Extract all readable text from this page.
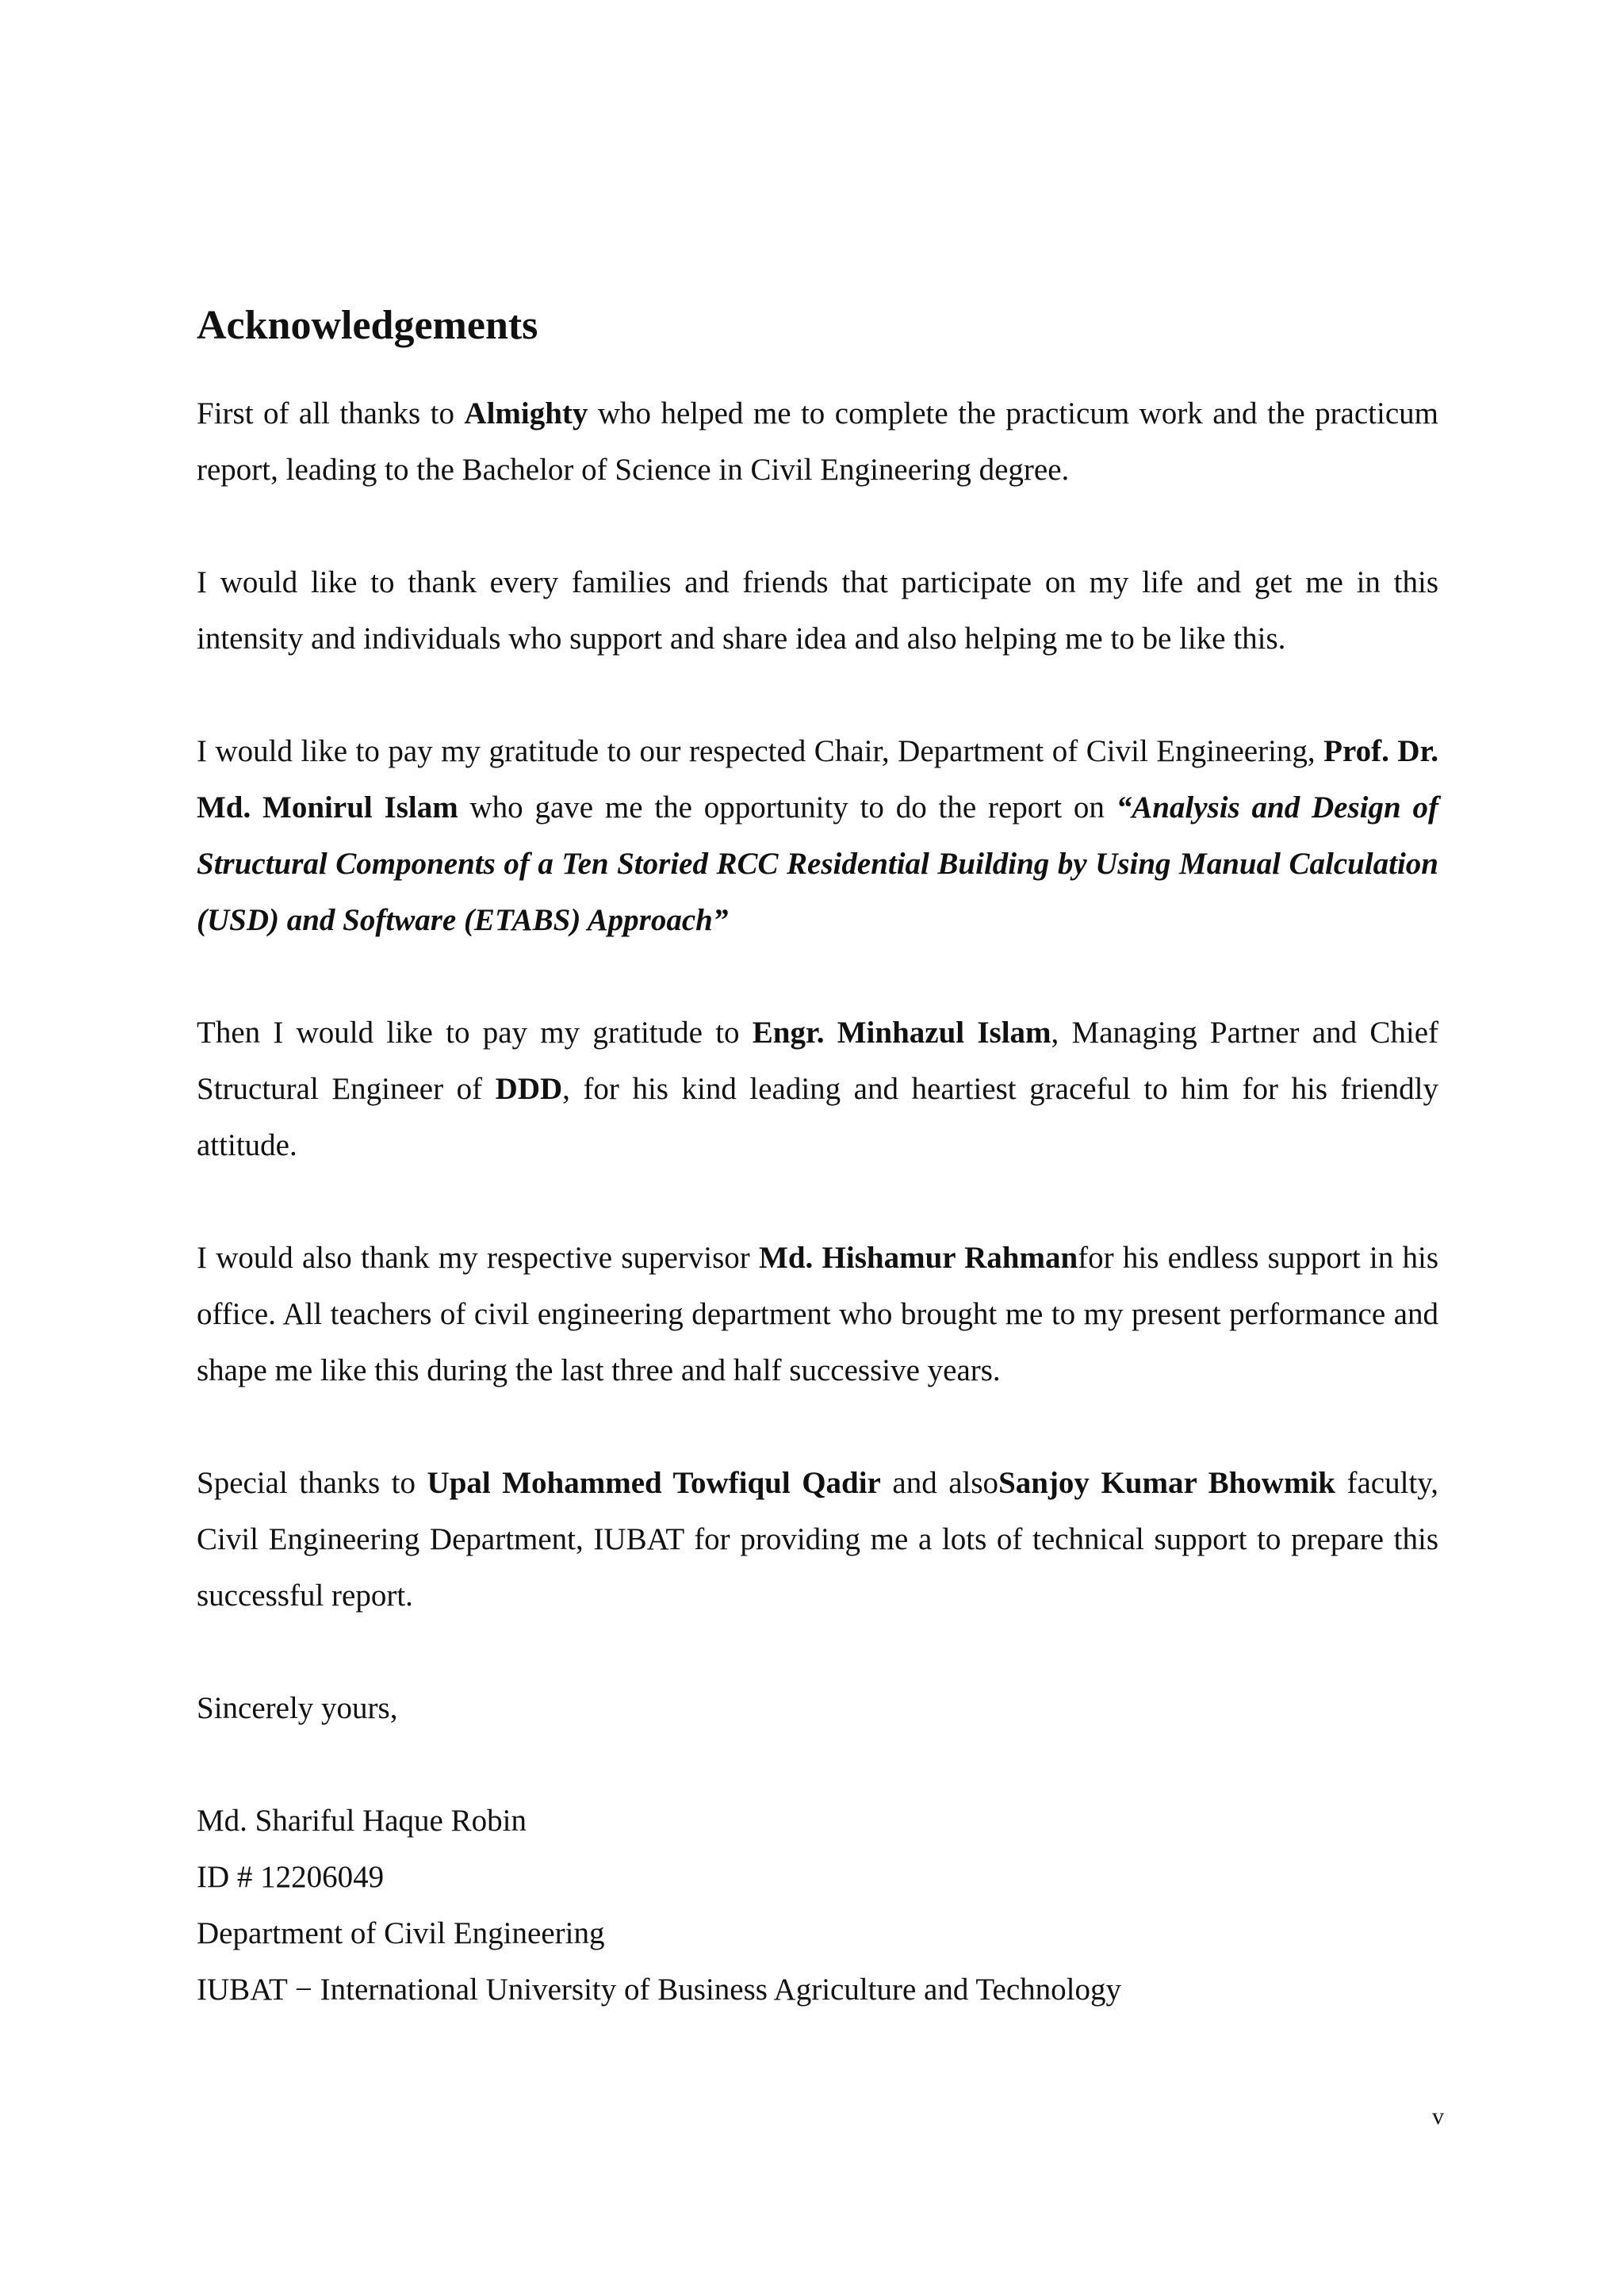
Acknowledgements

First of all thanks to Almighty who helped me to complete the practicum work and the practicum report, leading to the Bachelor of Science in Civil Engineering degree.

I would like to thank every families and friends that participate on my life and get me in this intensity and individuals who support and share idea and also helping me to be like this.

I would like to pay my gratitude to our respected Chair, Department of Civil Engineering, Prof. Dr. Md. Monirul Islam who gave me the opportunity to do the report on “Analysis and Design of Structural Components of a Ten Storied RCC Residential Building by Using Manual Calculation (USD) and Software (ETABS) Approach”

Then I would like to pay my gratitude to Engr. Minhazul Islam, Managing Partner and Chief Structural Engineer of DDD, for his kind leading and heartiest graceful to him for his friendly attitude.

I would also thank my respective supervisor Md. Hishamur Rahmanfor his endless support in his office. All teachers of civil engineering department who brought me to my present performance and shape me like this during the last three and half successive years.

Special thanks to Upal Mohammed Towfiqul Qadir and alsoSanjoy Kumar Bhowmik faculty, Civil Engineering Department, IUBAT for providing me a lots of technical support to prepare this successful report.

Sincerely yours,

Md. Shariful Haque Robin

ID # 12206049

Department of Civil Engineering

IUBAT − International University of Business Agriculture and Technology

v
